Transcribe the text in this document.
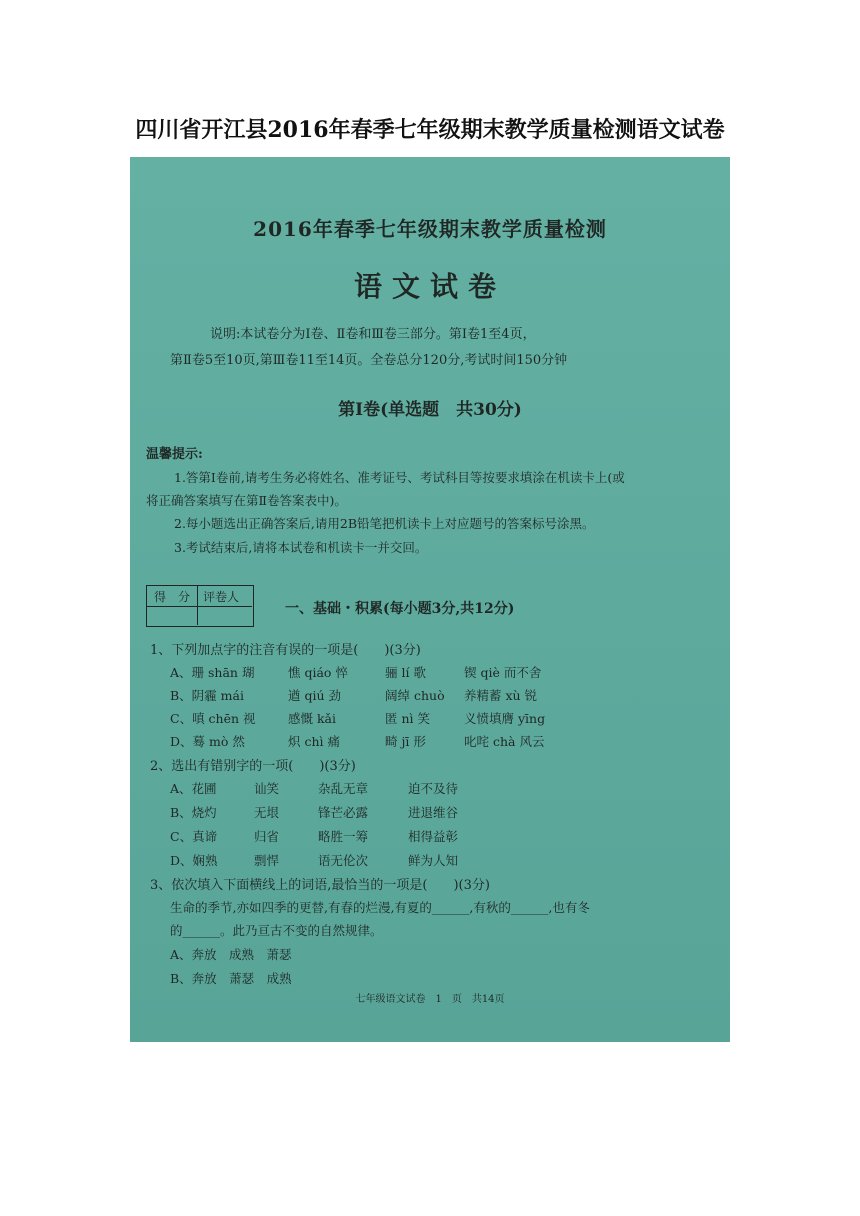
四川省开江县2016年春季七年级期末教学质量检测语文试卷
2016年春季七年级期末教学质量检测
语文试卷
说明:本试卷分为Ⅰ卷、Ⅱ卷和Ⅲ卷三部分。第Ⅰ卷1至4页，
第Ⅱ卷5至10页,第Ⅲ卷11至14页。全卷总分120分,考试时间150分钟
第Ⅰ卷(单选题　共30分)
温馨提示:
1.答第Ⅰ卷前,请考生务必将姓名、准考证号、考试科目等按要求填涂在机读卡上(或
将正确答案填写在第Ⅱ卷答案表中)。
2.每小题选出正确答案后,请用2B铅笔把机读卡上对应题号的答案标号涂黑。
3.考试结束后,请将本试卷和机读卡一并交回。
得　分 评卷人
一、基础・积累(每小题3分,共12分)
1、下列加点字的注音有误的一项是(　　)(3分)
A、珊 shān 瑚	憔 qiáo 悴	骊 lí 歌	锲 qiè 而不舍
B、阴霾 mái	遒 qiú 劲	阔绰 chuò 养精蓄 xù 锐
C、嗔 chēn 视	感慨 kǎi	匿 nì 笑	义愤填膺 yīng
D、蓦 mò 然	炽 chì 痛	畸 jī 形	叱咤 chà 风云
2、选出有错别字的一项(　　)(3分)
A、花圃	讪笑	杂乱无章	迫不及待
B、烧灼	无垠	锋芒必露	进退维谷
C、真谛	归省	略胜一筹	相得益彰
D、娴熟	剽悍	语无伦次	鲜为人知
3、依次填入下面横线上的词语,最恰当的一项是(　　)(3分)
生命的季节,亦如四季的更替,有春的烂漫,有夏的______,有秋的______,也有冬
的______。此乃亘古不变的自然规律。
A、奔放　成熟　萧瑟
B、奔放　萧瑟　成熟
七年级语文试卷　1　页　共14页
